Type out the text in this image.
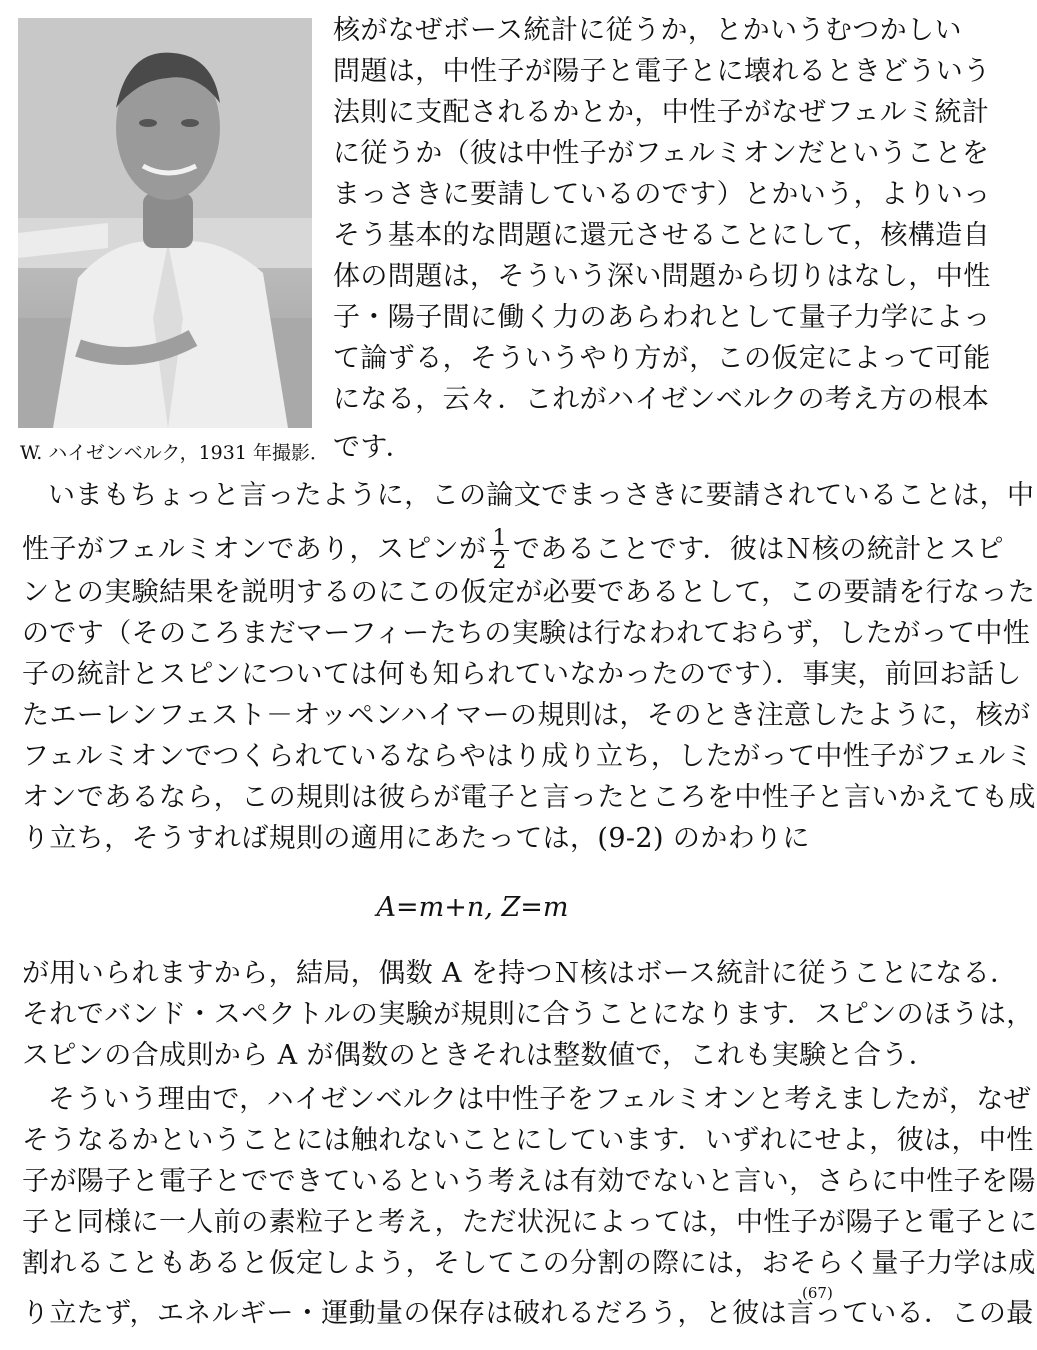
W. ハイゼンベルク，1931 年撮影．
核がなぜボース統計に従うか，とかいうむつかしい
問題は，中性子が陽子と電子とに壊れるときどういう
法則に支配されるかとか，中性子がなぜフェルミ統計
に従うか（彼は中性子がフェルミオンだということを
まっさきに要請しているのです）とかいう，よりいっ
そう基本的な問題に還元させることにして，核構造自
体の問題は，そういう深い問題から切りはなし，中性
子・陽子間に働く力のあらわれとして量子力学によっ
て論ずる，そういうやり方が，この仮定によって可能
になる，云々．これがハイゼンベルクの考え方の根本
です．
いまもちょっと言ったように，この論文でまっさきに要請されていることは，中
性子がフェルミオンであり，スピンが $\frac{1}{2}$ であることです．彼はＮ核の統計とスピ
ンとの実験結果を説明するのにこの仮定が必要であるとして，この要請を行なった
のです（そのころまだマーフィーたちの実験は行なわれておらず，したがって中性
子の統計とスピンについては何も知られていなかったのです）．事実，前回お話し
たエーレンフェスト－オッペンハイマーの規則は，そのとき注意したように，核が
フェルミオンでつくられているならやはり成り立ち，したがって中性子がフェルミ
オンであるなら，この規則は彼らが電子と言ったところを中性子と言いかえても成
り立ち，そうすれば規則の適用にあたっては，(9-2) のかわりに
A=m+n, Z=m
が用いられますから，結局，偶数 A を持つＮ核はボース統計に従うことになる．
それでバンド・スペクトルの実験が規則に合うことになります．スピンのほうは，
スピンの合成則から A が偶数のときそれは整数値で，これも実験と合う．
そういう理由で，ハイゼンベルクは中性子をフェルミオンと考えましたが，なぜ
そうなるかということには触れないことにしています．いずれにせよ，彼は，中性
子が陽子と電子とでできているという考えは有効でないと言い，さらに中性子を陽
子と同様に一人前の素粒子と考え，ただ状況によっては，中性子が陽子と電子とに
割れることもあると仮定しよう，そしてこの分割の際には，おそらく量子力学は成
り立たず，エネルギー・運動量の保存は破れるだろう，と彼は言っている．この最
(67)
